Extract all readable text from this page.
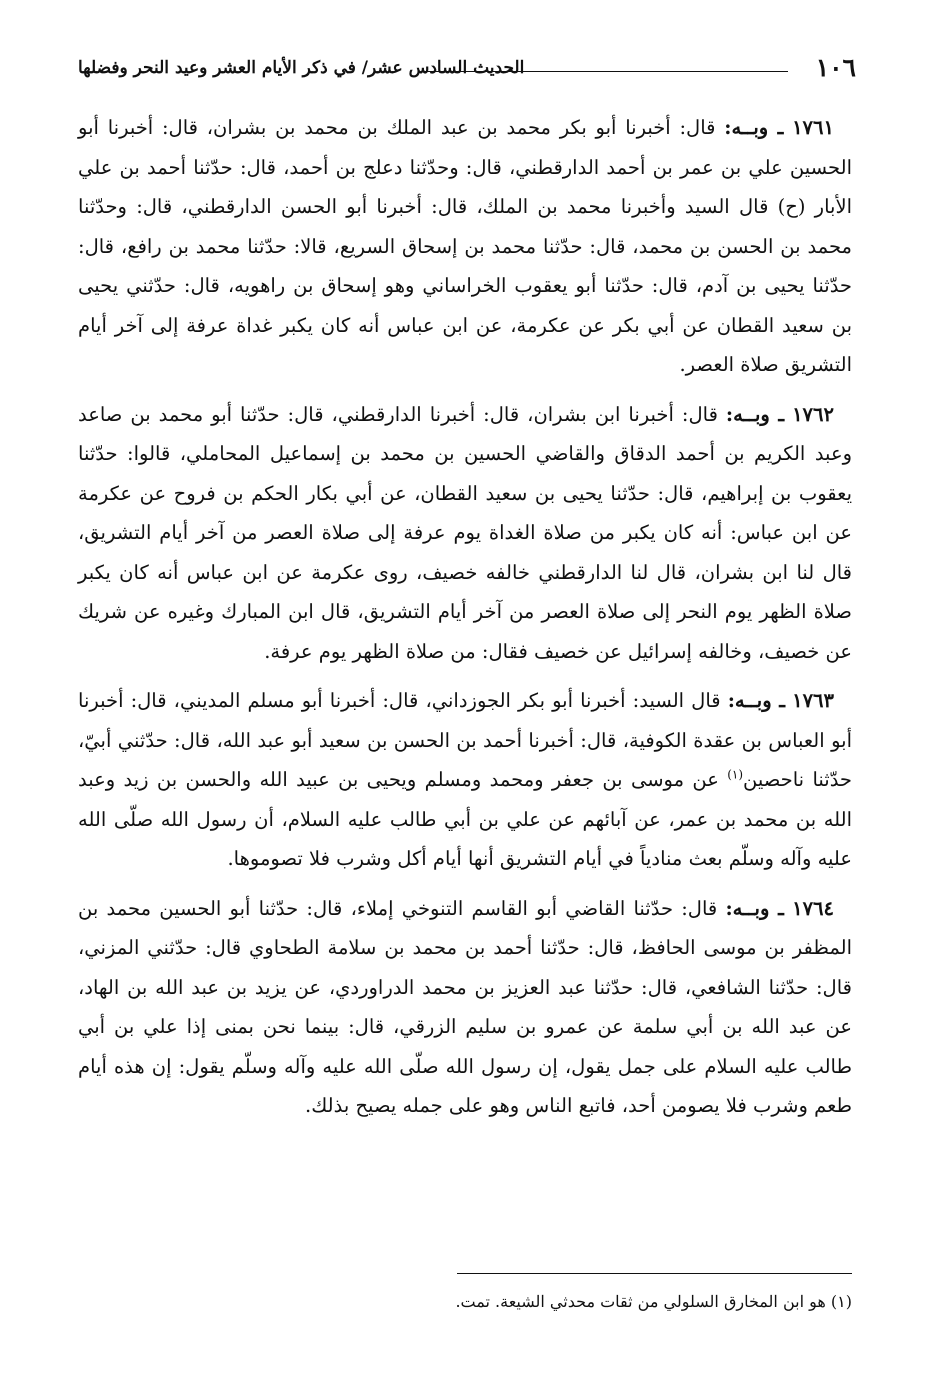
١٠٦
الحديث السادس عشر/ في ذكر الأيام العشر وعيد النحر وفضلها

١٧٦١ ـ وبــه: قال: أخبرنا أبو بكر محمد بن عبد الملك بن محمد بن بشران، قال: أخبرنا أبو الحسين علي بن عمر بن أحمد الدارقطني، قال: وحدّثنا دعلج بن أحمد، قال: حدّثنا أحمد بن علي الأبار (ح) قال السيد وأخبرنا محمد بن الملك، قال: أخبرنا أبو الحسن الدارقطني، قال: وحدّثنا محمد بن الحسن بن محمد، قال: حدّثنا محمد بن إسحاق السريع، قالا: حدّثنا محمد بن رافع، قال: حدّثنا يحيى بن آدم، قال: حدّثنا أبو يعقوب الخراساني وهو إسحاق بن راهويه، قال: حدّثني يحيى بن سعيد القطان عن أبي بكر عن عكرمة، عن ابن عباس أنه كان يكبر غداة عرفة إلى آخر أيام التشريق صلاة العصر.

١٧٦٢ ـ وبــه: قال: أخبرنا ابن بشران، قال: أخبرنا الدارقطني، قال: حدّثنا أبو محمد بن صاعد وعبد الكريم بن أحمد الدقاق والقاضي الحسين بن محمد بن إسماعيل المحاملي، قالوا: حدّثنا يعقوب بن إبراهيم، قال: حدّثنا يحيى بن سعيد القطان، عن أبي بكار الحكم بن فروح عن عكرمة عن ابن عباس: أنه كان يكبر من صلاة الغداة يوم عرفة إلى صلاة العصر من آخر أيام التشريق، قال لنا ابن بشران، قال لنا الدارقطني خالفه خصيف، روى عكرمة عن ابن عباس أنه كان يكبر صلاة الظهر يوم النحر إلى صلاة العصر من آخر أيام التشريق، قال ابن المبارك وغيره عن شريك عن خصيف، وخالفه إسرائيل عن خصيف فقال: من صلاة الظهر يوم عرفة.

١٧٦٣ ـ وبــه: قال السيد: أخبرنا أبو بكر الجوزداني، قال: أخبرنا أبو مسلم المديني، قال: أخبرنا أبو العباس بن عقدة الكوفية، قال: أخبرنا أحمد بن الحسن بن سعيد أبو عبد الله، قال: حدّثني أبيّ، حدّثنا ناحصين$^{(١)}$ عن موسى بن جعفر ومحمد ومسلم ويحيى بن عبيد الله والحسن بن زيد وعبد الله بن محمد بن عمر، عن آبائهم عن علي بن أبي طالب عليه السلام، أن رسول الله صلّى الله عليه وآله وسلّم بعث منادياً في أيام التشريق أنها أيام أكل وشرب فلا تصوموها.

١٧٦٤ ـ وبــه: قال: حدّثنا القاضي أبو القاسم التنوخي إملاء، قال: حدّثنا أبو الحسين محمد بن المظفر بن موسى الحافظ، قال: حدّثنا أحمد بن محمد بن سلامة الطحاوي قال: حدّثني المزني، قال: حدّثنا الشافعي، قال: حدّثنا عبد العزيز بن محمد الدراوردي، عن يزيد بن عبد الله بن الهاد، عن عبد الله بن أبي سلمة عن عمرو بن سليم الزرقي، قال: بينما نحن بمنى إذا علي بن أبي طالب عليه السلام على جمل يقول، إن رسول الله صلّى الله عليه وآله وسلّم يقول: إن هذه أيام طعم وشرب فلا يصومن أحد، فاتبع الناس وهو على جمله يصيح بذلك.

(١) هو ابن المخارق السلولي من ثقات محدثي الشيعة. تمت.
